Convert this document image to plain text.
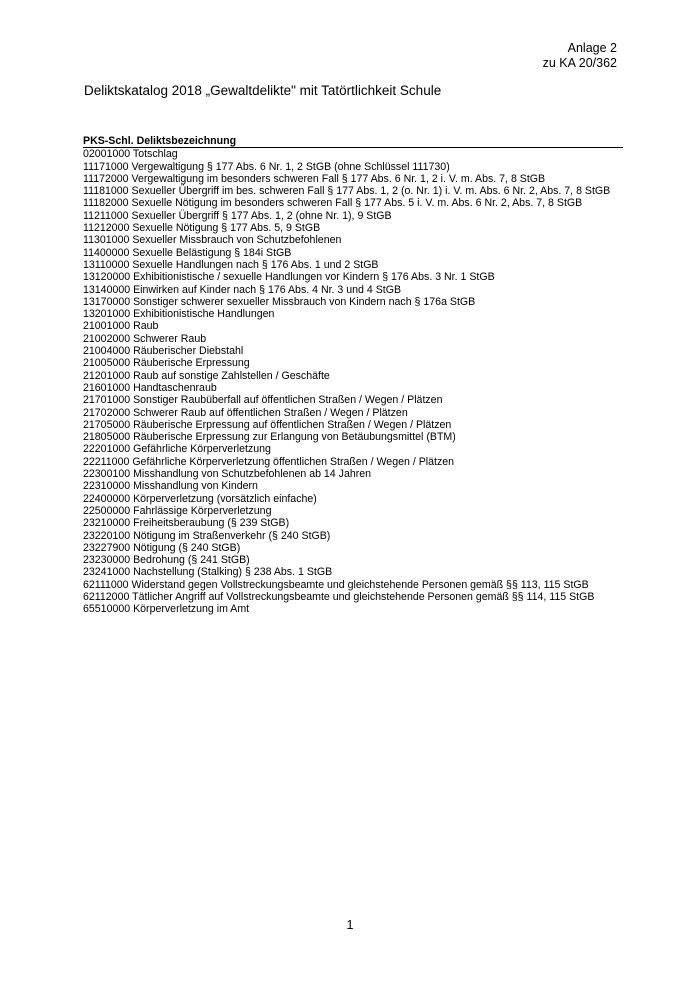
Anlage 2
zu KA 20/362
Deliktskatalog 2018 „Gewaltdelikte" mit Tatörtlichkeit Schule
PKS-Schl. Deliktsbezeichnung
02001000 Totschlag
11171000 Vergewaltigung § 177 Abs. 6 Nr. 1, 2 StGB (ohne Schlüssel 111730)
11172000 Vergewaltigung im besonders schweren Fall § 177 Abs. 6 Nr. 1, 2 i. V. m. Abs. 7, 8 StGB
11181000 Sexueller Übergriff im bes. schweren Fall § 177 Abs. 1, 2 (o. Nr. 1) i. V. m. Abs. 6 Nr. 2, Abs. 7, 8 StGB
11182000 Sexuelle Nötigung im besonders schweren Fall § 177 Abs. 5 i. V. m. Abs. 6 Nr. 2, Abs. 7, 8 StGB
11211000 Sexueller Übergriff § 177 Abs. 1, 2 (ohne Nr. 1), 9 StGB
11212000 Sexuelle Nötigung § 177 Abs. 5, 9 StGB
11301000 Sexueller Missbrauch von Schutzbefohlenen
11400000 Sexuelle Belästigung § 184i StGB
13110000 Sexuelle Handlungen nach § 176 Abs. 1 und 2 StGB
13120000 Exhibitionistische / sexuelle Handlungen vor Kindern § 176 Abs. 3 Nr. 1 StGB
13140000 Einwirken auf Kinder nach § 176 Abs. 4 Nr. 3 und 4 StGB
13170000 Sonstiger schwerer sexueller Missbrauch von Kindern nach § 176a StGB
13201000 Exhibitionistische Handlungen
21001000 Raub
21002000 Schwerer Raub
21004000 Räuberischer Diebstahl
21005000 Räuberische Erpressung
21201000 Raub auf sonstige Zahlstellen / Geschäfte
21601000 Handtaschenraub
21701000 Sonstiger Raubüberfall auf öffentlichen Straßen / Wegen / Plätzen
21702000 Schwerer Raub auf öffentlichen Straßen / Wegen / Plätzen
21705000 Räuberische Erpressung auf öffentlichen Straßen / Wegen / Plätzen
21805000 Räuberische Erpressung zur Erlangung von Betäubungsmittel (BTM)
22201000 Gefährliche Körperverletzung
22211000 Gefährliche Körperverletzung öffentlichen Straßen / Wegen / Plätzen
22300100 Misshandlung von Schutzbefohlenen ab 14 Jahren
22310000 Misshandlung von Kindern
22400000 Körperverletzung (vorsätzlich einfache)
22500000 Fahrlässige Körperverletzung
23210000 Freiheitsberaubung (§ 239 StGB)
23220100 Nötigung im Straßenverkehr (§ 240 StGB)
23227900 Nötigung (§ 240 StGB)
23230000 Bedrohung (§ 241 StGB)
23241000 Nachstellung (Stalking) § 238 Abs. 1 StGB
62111000 Widerstand gegen Vollstreckungsbeamte und gleichstehende Personen gemäß §§ 113, 115 StGB
62112000 Tätlicher Angriff auf Vollstreckungsbeamte und gleichstehende Personen gemäß §§ 114, 115 StGB
65510000 Körperverletzung im Amt
1
